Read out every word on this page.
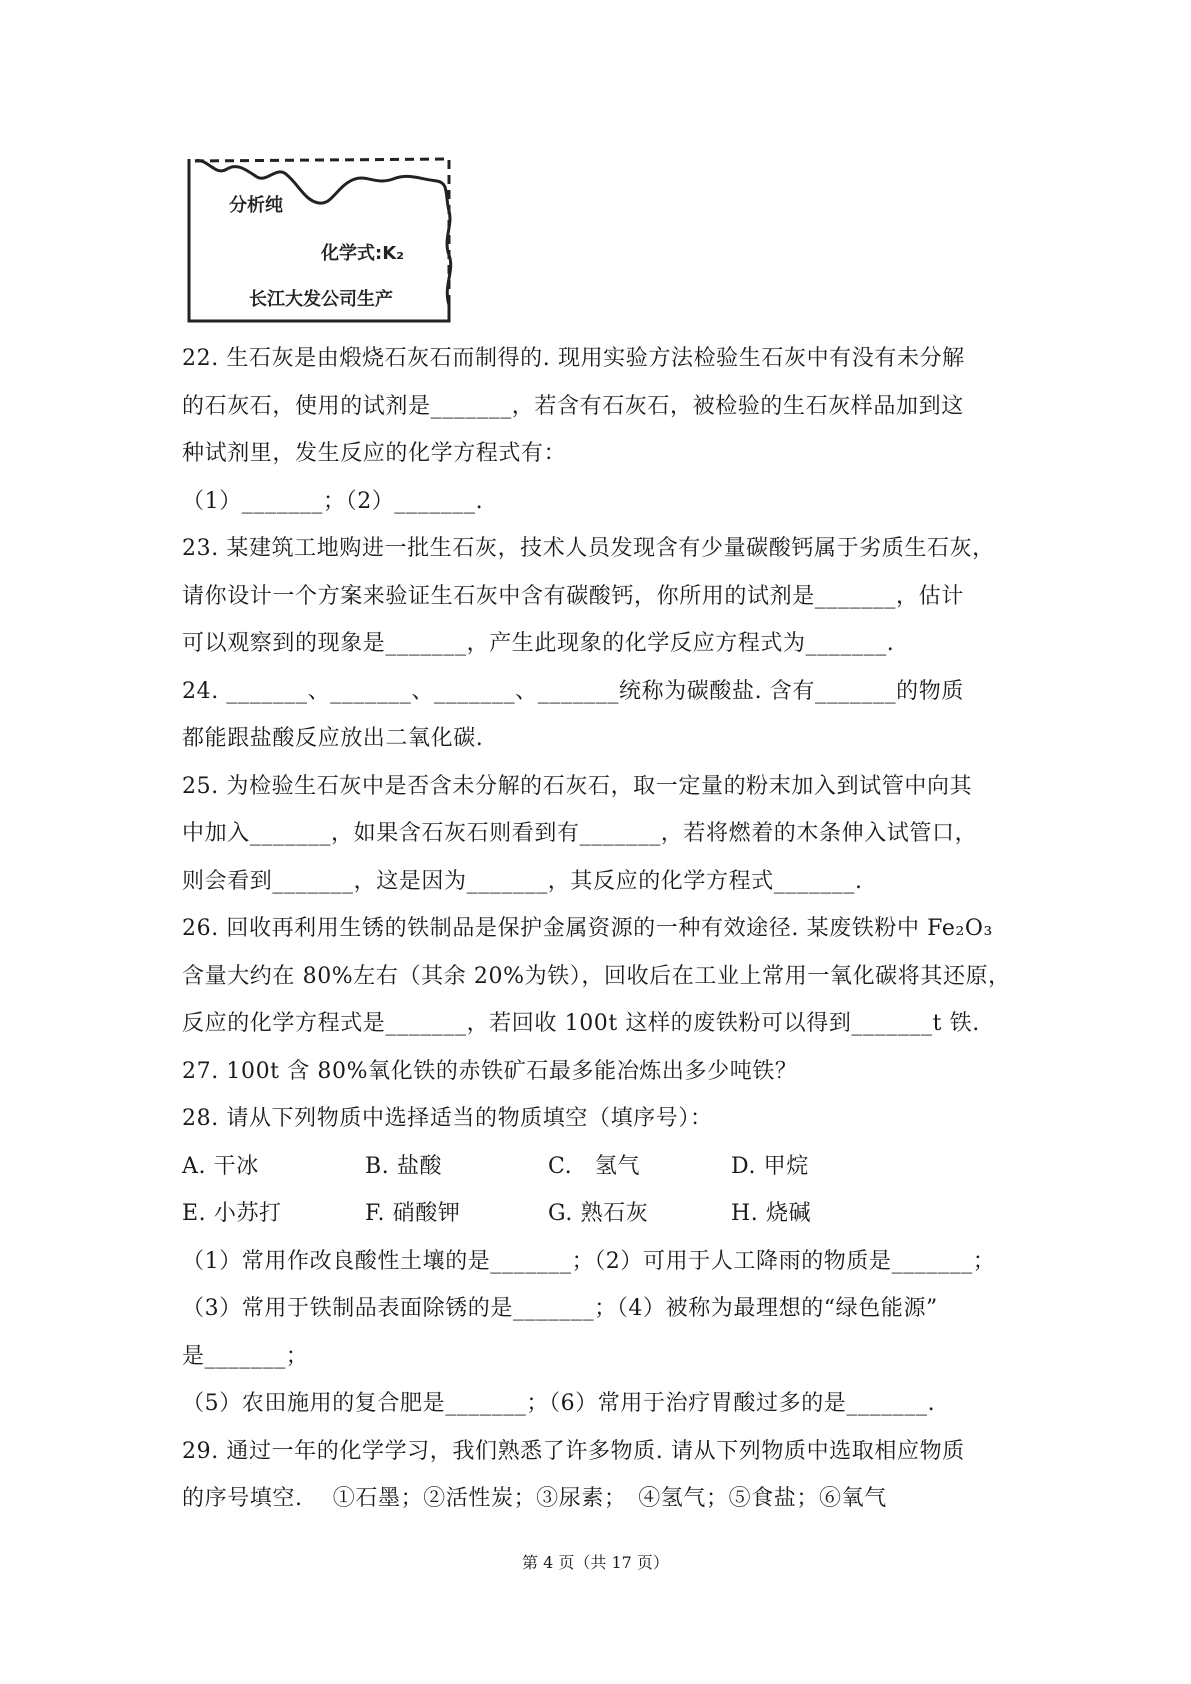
分析纯
化学式:K₂
长江大发公司生产
22. 生石灰是由煅烧石灰石而制得的. 现用实验方法检验生石灰中有没有未分解
的石灰石，使用的试剂是_______，若含有石灰石，被检验的生石灰样品加到这
种试剂里，发生反应的化学方程式有：
（1）_______；（2）_______.
23. 某建筑工地购进一批生石灰，技术人员发现含有少量碳酸钙属于劣质生石灰，
请你设计一个方案来验证生石灰中含有碳酸钙，你所用的试剂是_______，估计
可以观察到的现象是_______，产生此现象的化学反应方程式为_______.
24. _______、_______、_______、_______统称为碳酸盐. 含有_______的物质
都能跟盐酸反应放出二氧化碳.
25. 为检验生石灰中是否含未分解的石灰石，取一定量的粉末加入到试管中向其
中加入_______，如果含石灰石则看到有_______，若将燃着的木条伸入试管口，
则会看到_______，这是因为_______，其反应的化学方程式_______.
26. 回收再利用生锈的铁制品是保护金属资源的一种有效途径. 某废铁粉中 Fe₂O₃
含量大约在 80%左右（其余 20%为铁），回收后在工业上常用一氧化碳将其还原，
反应的化学方程式是_______，若回收 100t 这样的废铁粉可以得到_______t 铁.
27. 100t 含 80%氧化铁的赤铁矿石最多能冶炼出多少吨铁？
28. 请从下列物质中选择适当的物质填空（填序号）：
A. 干冰	B. 盐酸	C.　氢气	D. 甲烷
E. 小苏打	F. 硝酸钾	G. 熟石灰	H. 烧碱
（1）常用作改良酸性土壤的是_______；（2）可用于人工降雨的物质是_______；
（3）常用于铁制品表面除锈的是_______；（4）被称为最理想的“绿色能源”
是_______；
（5）农田施用的复合肥是_______；（6）常用于治疗胃酸过多的是_______.
29. 通过一年的化学学习，我们熟悉了许多物质. 请从下列物质中选取相应物质
的序号填空. 　①石墨；②活性炭；③尿素；　④氢气；⑤食盐；⑥氧气
第 4 页（共 17 页）
